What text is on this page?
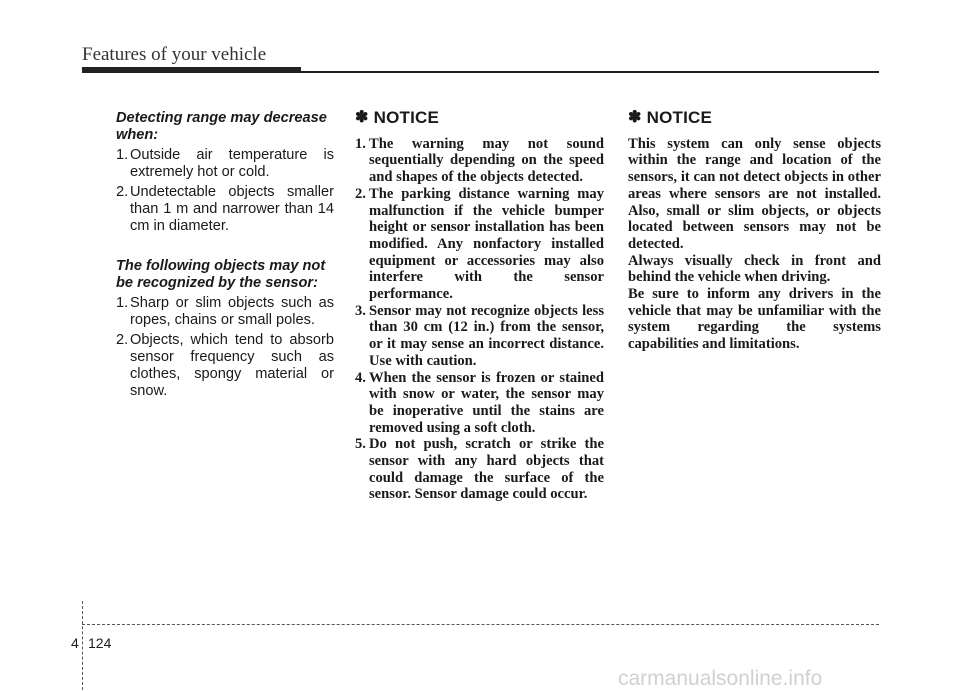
Features of your vehicle
Detecting range may decrease when:
1. Outside air temperature is extremely hot or cold.
2. Undetectable objects smaller than 1 m and narrower than 14 cm in diameter.
The following objects may not be recognized by the sensor:
1. Sharp or slim objects such as ropes, chains or small poles.
2. Objects, which tend to absorb sensor frequency such as clothes, spongy material or snow.
✽ NOTICE
1. The warning may not sound sequentially depending on the speed and shapes of the objects detected.
2. The parking distance warning may malfunction if the vehicle bumper height or sensor installation has been modified. Any nonfactory installed equipment or accessories may also interfere with the sensor performance.
3. Sensor may not recognize objects less than 30 cm (12 in.) from the sensor, or it may sense an incorrect distance. Use with caution.
4. When the sensor is frozen or stained with snow or water, the sensor may be inoperative until the stains are removed using a soft cloth.
5. Do not push, scratch or strike the sensor with any hard objects that could damage the surface of the sensor. Sensor damage could occur.
✽ NOTICE

This system can only sense objects within the range and location of the sensors, it can not detect objects in other areas where sensors are not installed. Also, small or slim objects, or objects located between sensors may not be detected.

Always visually check in front and behind the vehicle when driving.

Be sure to inform any drivers in the vehicle that may be unfamiliar with the system regarding the systems capabilities and limitations.

4 124
carmanualsonline.info
